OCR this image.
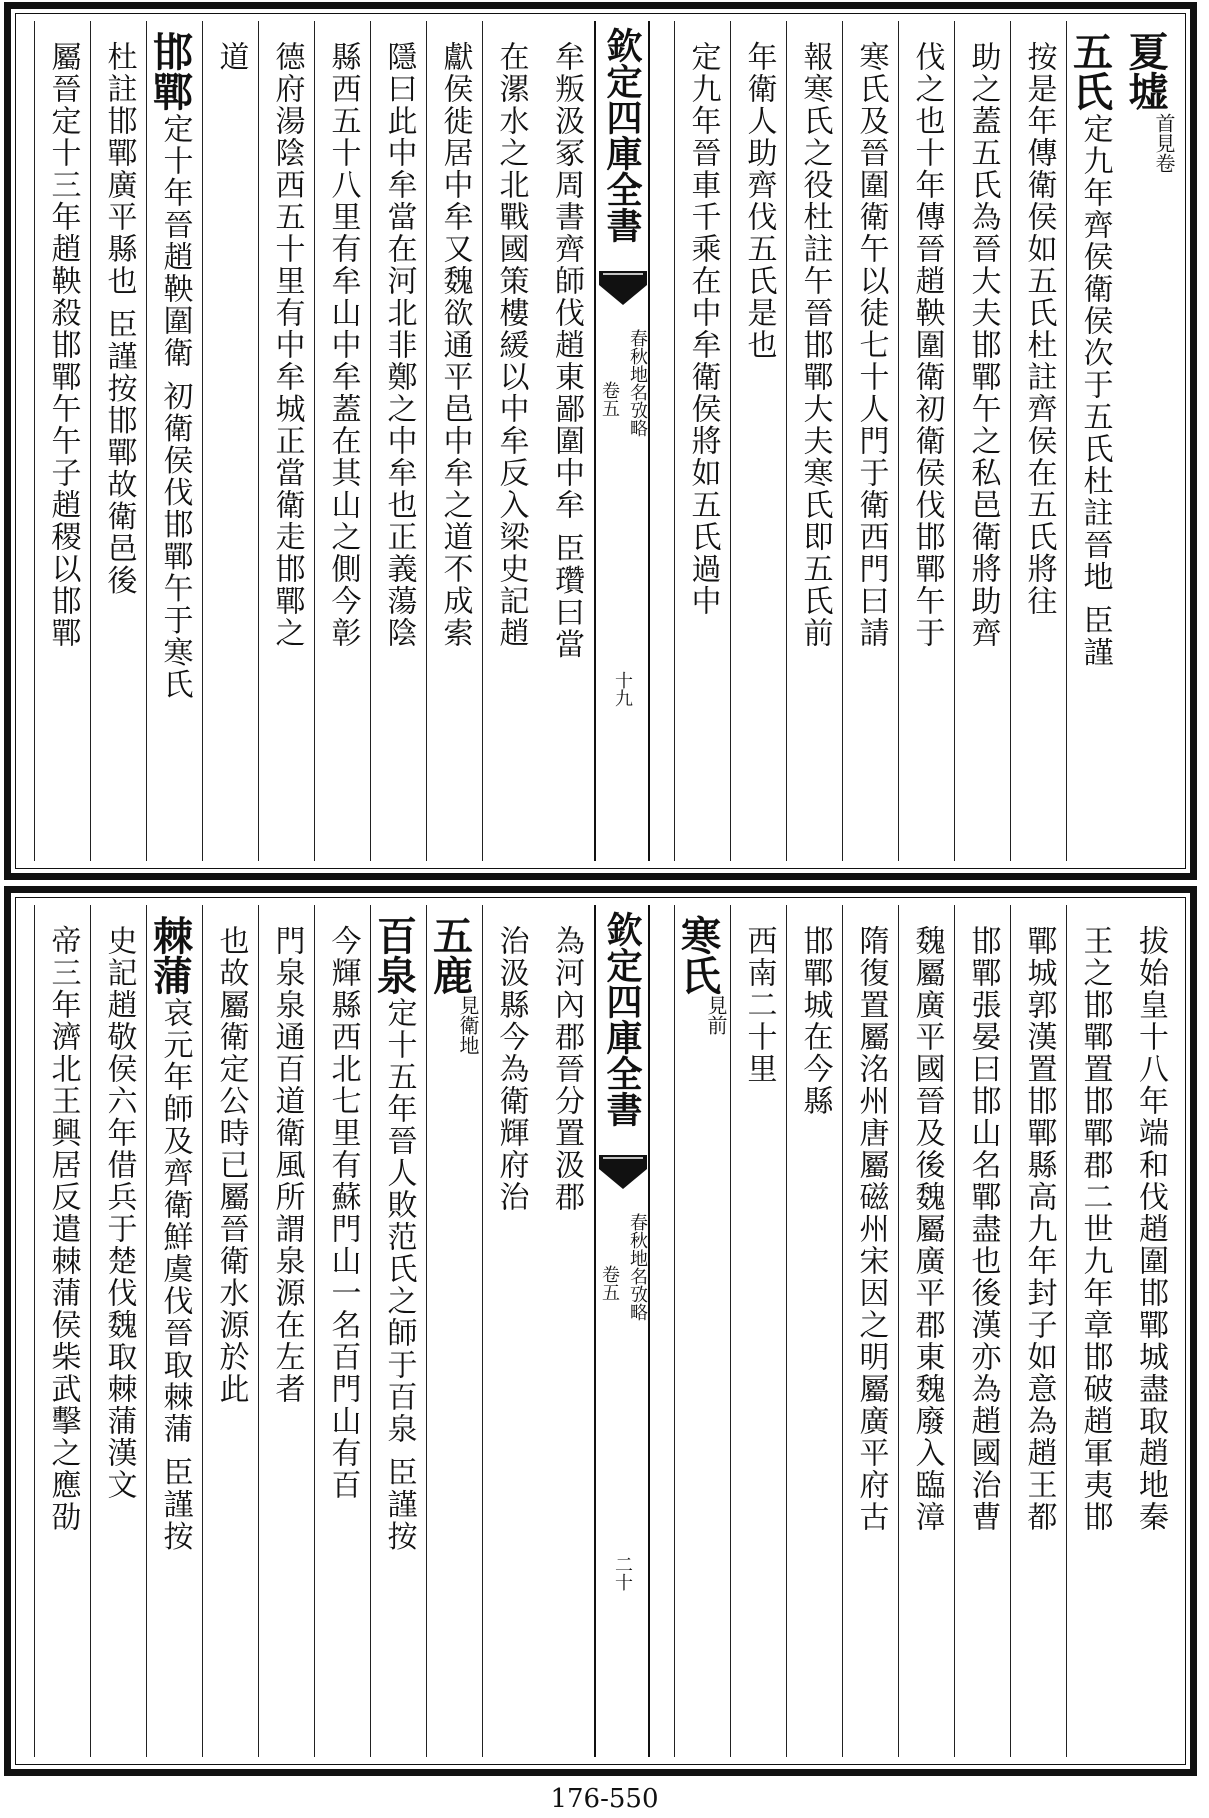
欽定四庫全書
卷五 春秋地名攷略
十九
夏墟
首見卷
五氏
定九年齊侯衛侯次于五氏杜註晉地 臣謹
按是年傳衛侯如五氏杜註齊侯在五氏將往
助之蓋五氏為晉大夫邯鄲午之私邑衛將助齊
伐之也十年傳晉趙鞅圍衛初衛侯伐邯鄲午于
寒氏及晉圍衛午以徒七十人門于衛西門曰請
報寒氏之役杜註午晉邯鄲大夫寒氏即五氏前
年衛人助齊伐五氏是也
定九年晉車千乘在中牟衛侯將如五氏過中
牟叛汲冢周書齊師伐趙東鄙圍中牟 臣瓚曰當
在漯水之北戰國策樓緩以中牟反入梁史記趙
獻侯徙居中牟又魏欲通平邑中牟之道不成索
隱曰此中牟當在河北非鄭之中牟也正義蕩陰
縣西五十八里有牟山中牟蓋在其山之側今彰
德府湯陰西五十里有中牟城正當衛走邯鄲之
道
邯鄲
定十年晉趙鞅圍衛 初衛侯伐邯鄲午于寒氏
杜註邯鄲廣平縣也 臣謹按邯鄲故衛邑後
屬晉定十三年趙鞅殺邯鄲午午子趙稷以邯鄲
欽定四庫全書
卷五 春秋地名攷略
二十
拔始皇十八年端和伐趙圍邯鄲城盡取趙地秦
王之邯鄲置邯鄲郡二世九年章邯破趙軍夷邯
鄲城郭漢置邯鄲縣高九年封子如意為趙王都
邯鄲張晏曰邯山名鄲盡也後漢亦為趙國治曹
魏屬廣平國晉及後魏屬廣平郡東魏廢入臨漳
隋復置屬洺州唐屬磁州宋因之明屬廣平府古
邯鄲城在今縣
西南二十里
寒氏
見前
為河內郡晉分置汲郡
治汲縣今為衛輝府治
五鹿
見衛地
百泉
定十五年晉人敗范氏之師于百泉 臣謹按
今輝縣西北七里有蘇門山一名百門山有百
門泉泉通百道衛風所謂泉源在左者
也故屬衛定公時已屬晉衛水源於此
棘蒲
哀元年師及齊衛鮮虞伐晉取棘蒲 臣謹按
史記趙敬侯六年借兵于楚伐魏取棘蒲漢文
帝三年濟北王興居反遣棘蒲侯柴武擊之應劭
176-550
